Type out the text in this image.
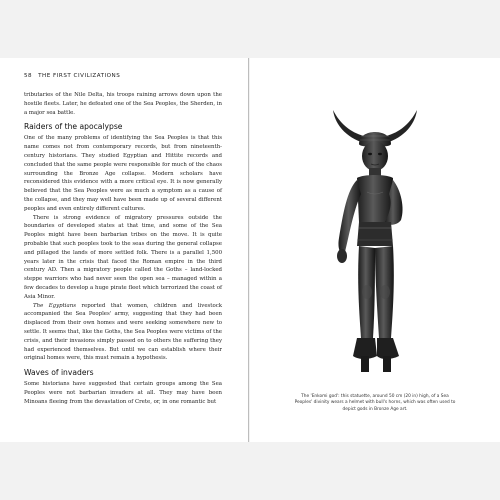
58 THE FIRST CIVILIZATIONS

tributaries of the Nile Delta, his troops raining arrows down upon the hostile fleets. Later, he defeated one of the Sea Peoples, the Sherden, in a major sea battle.

Raiders of the apocalypse

One of the many problems of identifying the Sea Peoples is that this name comes not from contemporary records, but from nineteenth-century historians. They studied Egyptian and Hittite records and concluded that the same people were responsible for much of the chaos surrounding the Bronze Age collapse. Modern scholars have reconsidered this evidence with a more critical eye. It is now generally believed that the Sea Peoples were as much a symptom as a cause of the collapse, and they may well have been made up of several different peoples and even entirely different cultures.

There is strong evidence of migratory pressures outside the boundaries of developed states at that time, and some of the Sea Peoples might have been barbarian tribes on the move. It is quite probable that such peoples took to the seas during the general collapse and pillaged the lands of more settled folk. There is a parallel 1,500 years later in the crisis that faced the Roman empire in the third century AD. Then a migratory people called the Goths – land-locked steppe warriors who had never seen the open sea – managed within a few decades to develop a huge pirate fleet which terrorized the coast of Asia Minor.

The Egyptians reported that women, children and livestock accompanied the Sea Peoples' army, suggesting that they had been displaced from their own homes and were seeking somewhere new to settle. It seems that, like the Goths, the Sea Peoples were victims of the crisis, and their invasions simply passed on to others the suffering they had experienced themselves. But until we can establish where their original homes were, this must remain a hypothesis.

Waves of invaders

Some historians have suggested that certain groups among the Sea Peoples were not barbarian invaders at all. They may have been Minoans fleeing from the devastation of Crete, or, in one romantic but

The 'Enkomi god': this statuette, around 50 cm (20 in) high, of a Sea Peoples' divinity wears a helmet with bull's horns, which was often used to depict gods in Bronze Age art.
